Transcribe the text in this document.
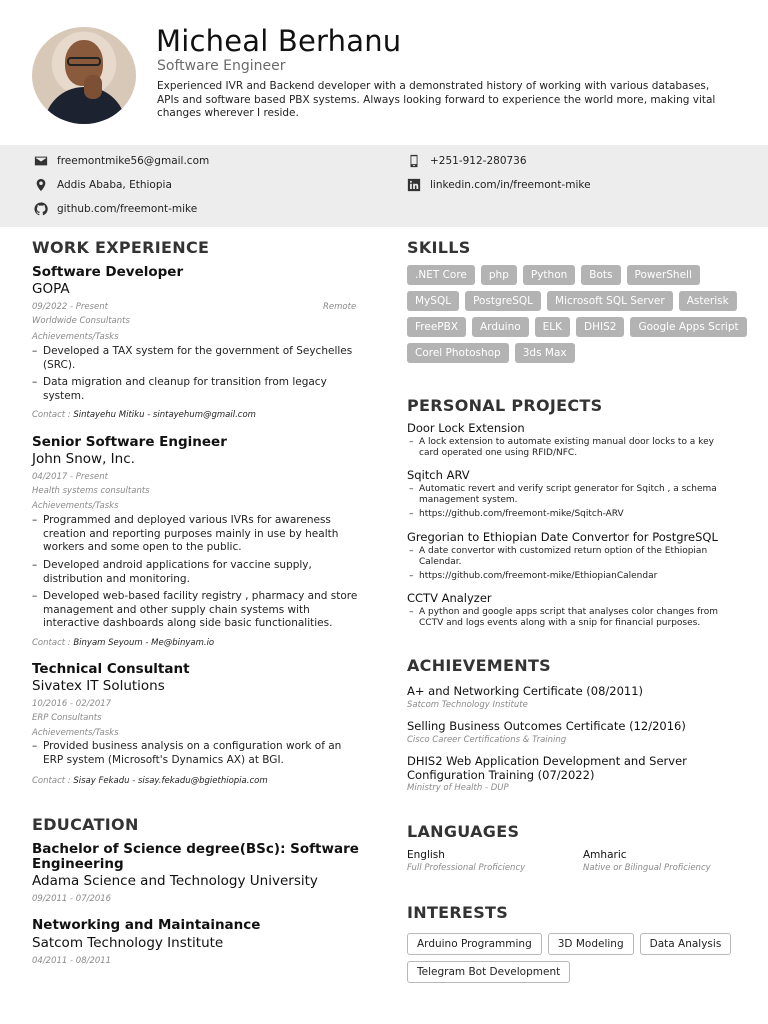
Micheal Berhanu
Software Engineer
Experienced IVR and Backend developer with a demonstrated history of working with various databases, APIs and software based PBX systems. Always looking forward to experience the world more, making vital changes wherever I reside.
freemontmike56@gmail.com	+251-912-280736
Addis Ababa, Ethiopia	linkedin.com/in/freemont-mike
github.com/freemont-mike
WORK EXPERIENCE
Software Developer
GOPA
09/2022 - Present	Remote
Worldwide Consultants
Achievements/Tasks
– Developed a TAX system for the government of Seychelles (SRC).
– Data migration and cleanup for transition from legacy system.
Contact : Sintayehu Mitiku - sintayehum@gmail.com
Senior Software Engineer
John Snow, Inc.
04/2017 - Present
Health systems consultants
Achievements/Tasks
– Programmed and deployed various IVRs for awareness creation and reporting purposes mainly in use by health workers and some open to the public.
– Developed android applications for vaccine supply, distribution and monitoring.
– Developed web-based facility registry , pharmacy and store management and other supply chain systems with interactive dashboards along side basic functionalities.
Contact : Binyam Seyoum - Me@binyam.io
Technical Consultant
Sivatex IT Solutions
10/2016 - 02/2017
ERP Consultants
Achievements/Tasks
– Provided business analysis on a configuration work of an ERP system (Microsoft's Dynamics AX) at BGI.
Contact : Sisay Fekadu - sisay.fekadu@bgiethiopia.com
EDUCATION
Bachelor of Science degree(BSc): Software Engineering
Adama Science and Technology University
09/2011 - 07/2016
Networking and Maintainance
Satcom Technology Institute
04/2011 - 08/2011
SKILLS
.NET Core	php	Python	Bots	PowerShell
MySQL	PostgreSQL	Microsoft SQL Server	Asterisk
FreePBX	Arduino	ELK	DHIS2	Google Apps Script
Corel Photoshop	3ds Max
PERSONAL PROJECTS
Door Lock Extension
– A lock extension to automate existing manual door locks to a key card operated one using RFID/NFC.
Sqitch ARV
– Automatic revert and verify script generator for Sqitch , a schema management system.
– https://github.com/freemont-mike/Sqitch-ARV
Gregorian to Ethiopian Date Convertor for PostgreSQL
– A date convertor with customized return option of the Ethiopian Calendar.
– https://github.com/freemont-mike/EthiopianCalendar
CCTV Analyzer
– A python and google apps script that analyses color changes from CCTV and logs events along with a snip for financial purposes.
ACHIEVEMENTS
A+ and Networking Certificate (08/2011)
Satcom Technology Institute
Selling Business Outcomes Certificate (12/2016)
Cisco Career Certifications & Training
DHIS2 Web Application Development and Server Configuration Training (07/2022)
Ministry of Health - DUP
LANGUAGES
English
Full Professional Proficiency
Amharic
Native or Bilingual Proficiency
INTERESTS
Arduino Programming	3D Modeling	Data Analysis
Telegram Bot Development
